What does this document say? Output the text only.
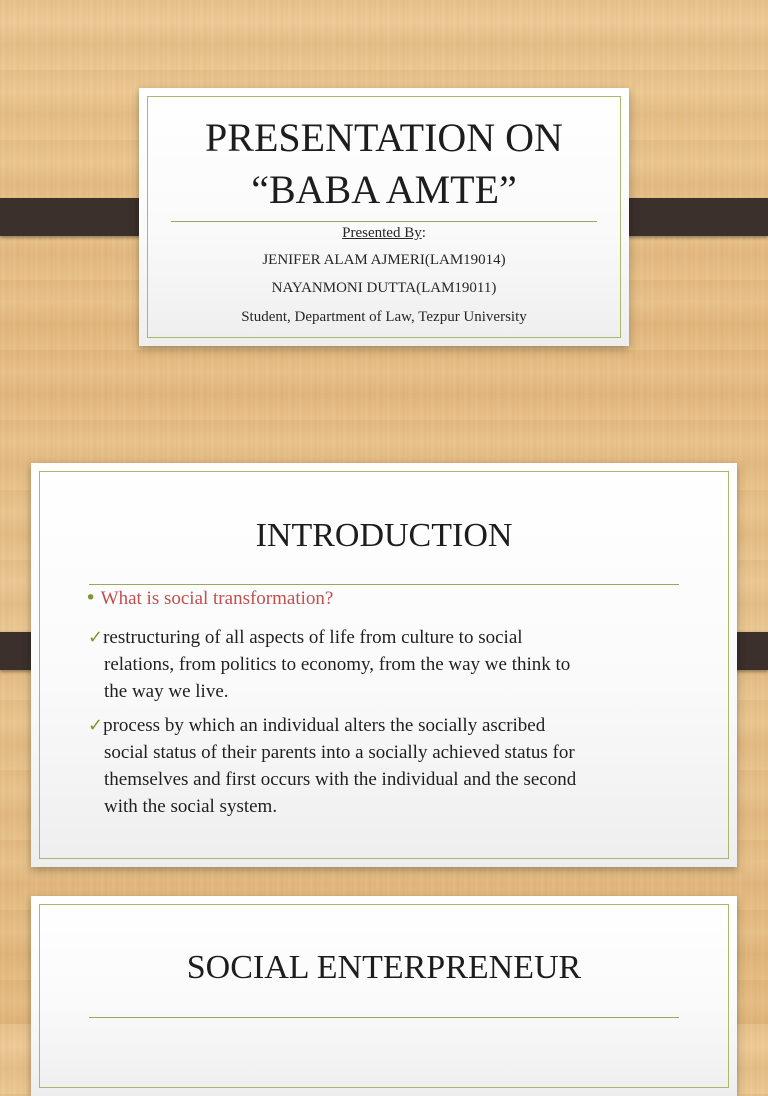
PRESENTATION ON
“BABA AMTE”
Presented By:
JENIFER ALAM AJMERI(LAM19014)
NAYANMONI DUTTA(LAM19011)
Student, Department of Law, Tezpur University
INTRODUCTION
• What is social transformation?
✓restructuring of all aspects of life from culture to social
relations, from politics to economy, from the way we think to
the way we live.
✓process by which an individual alters the socially ascribed
social status of their parents into a socially achieved status for
themselves and first occurs with the individual and the second
with the social system.
SOCIAL ENTERPRENEUR
